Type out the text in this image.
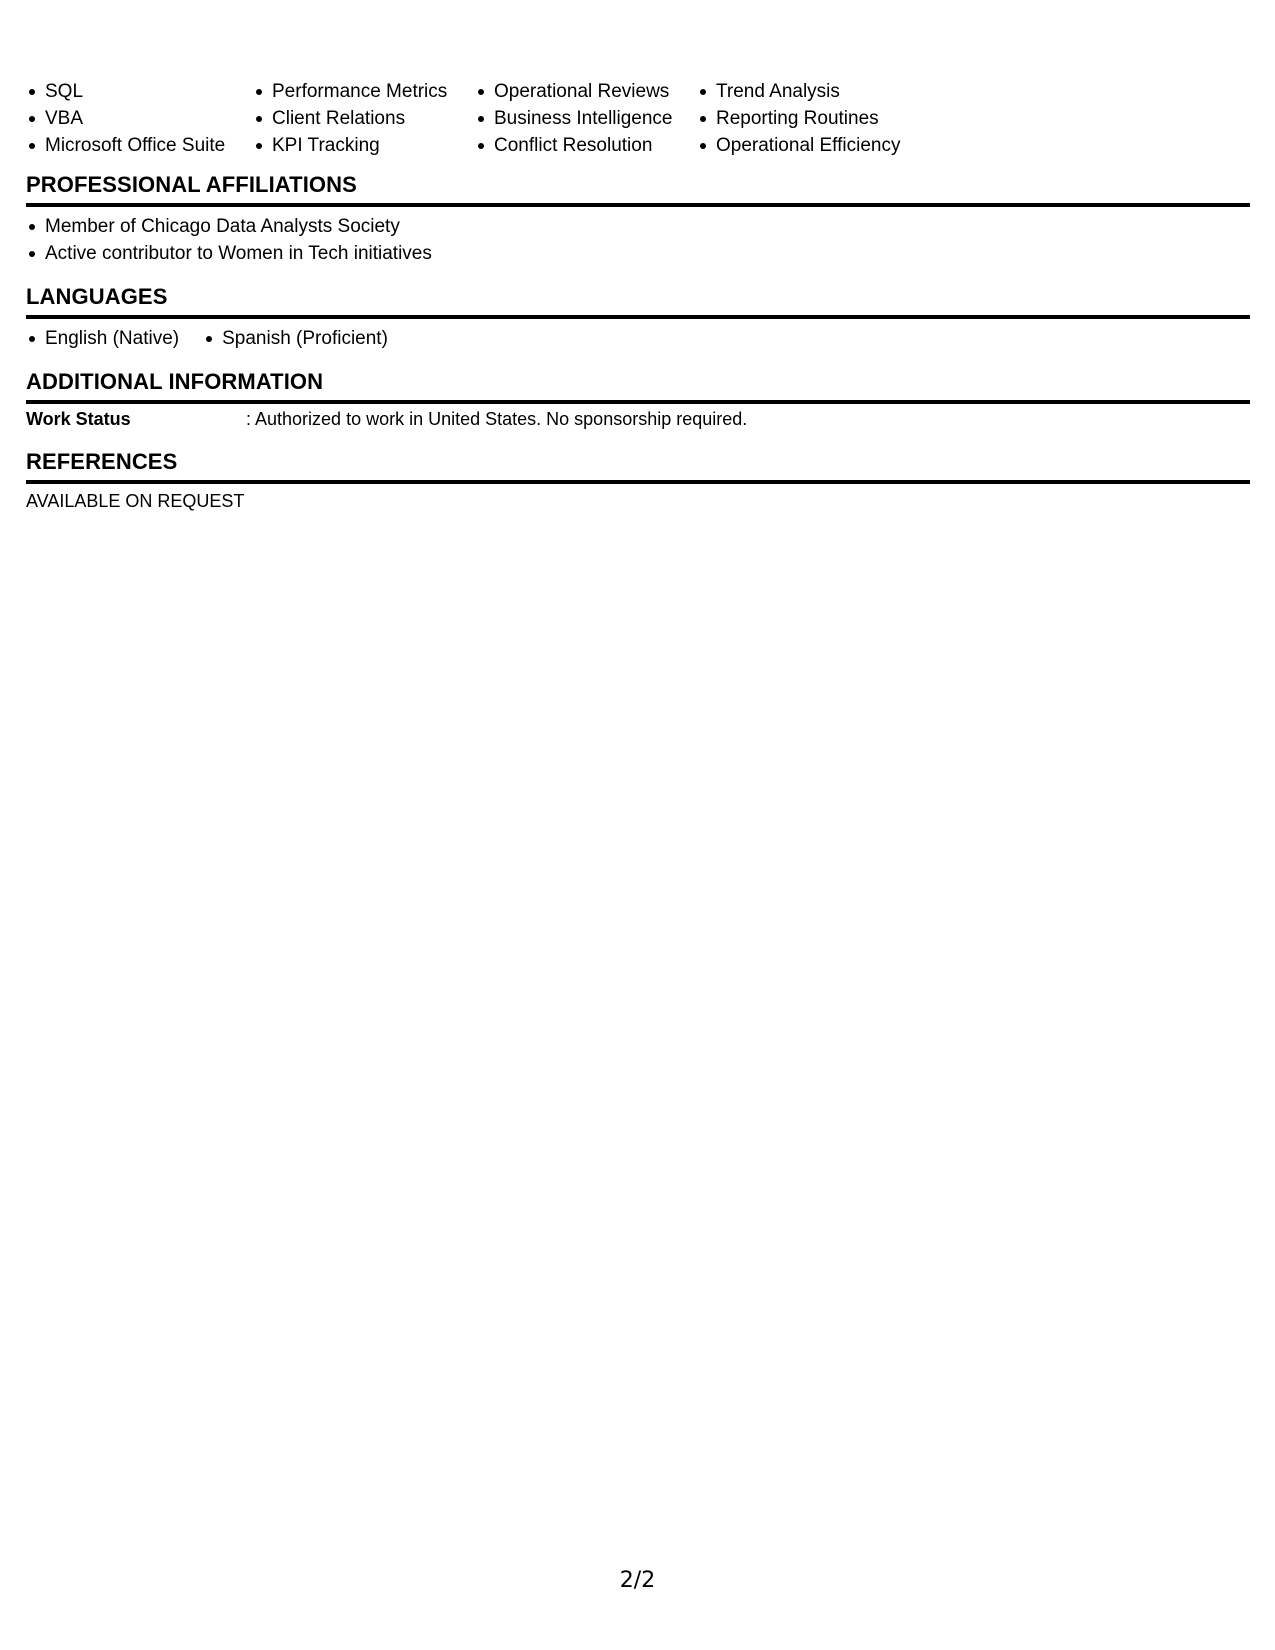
SQL
VBA
Microsoft Office Suite
Performance Metrics
Client Relations
KPI Tracking
Operational Reviews
Business Intelligence
Conflict Resolution
Trend Analysis
Reporting Routines
Operational Efficiency
PROFESSIONAL AFFILIATIONS
Member of Chicago Data Analysts Society
Active contributor to Women in Tech initiatives
LANGUAGES
English (Native)	Spanish (Proficient)
ADDITIONAL INFORMATION
Work Status	: Authorized to work in United States. No sponsorship required.
REFERENCES
AVAILABLE ON REQUEST
2/2
